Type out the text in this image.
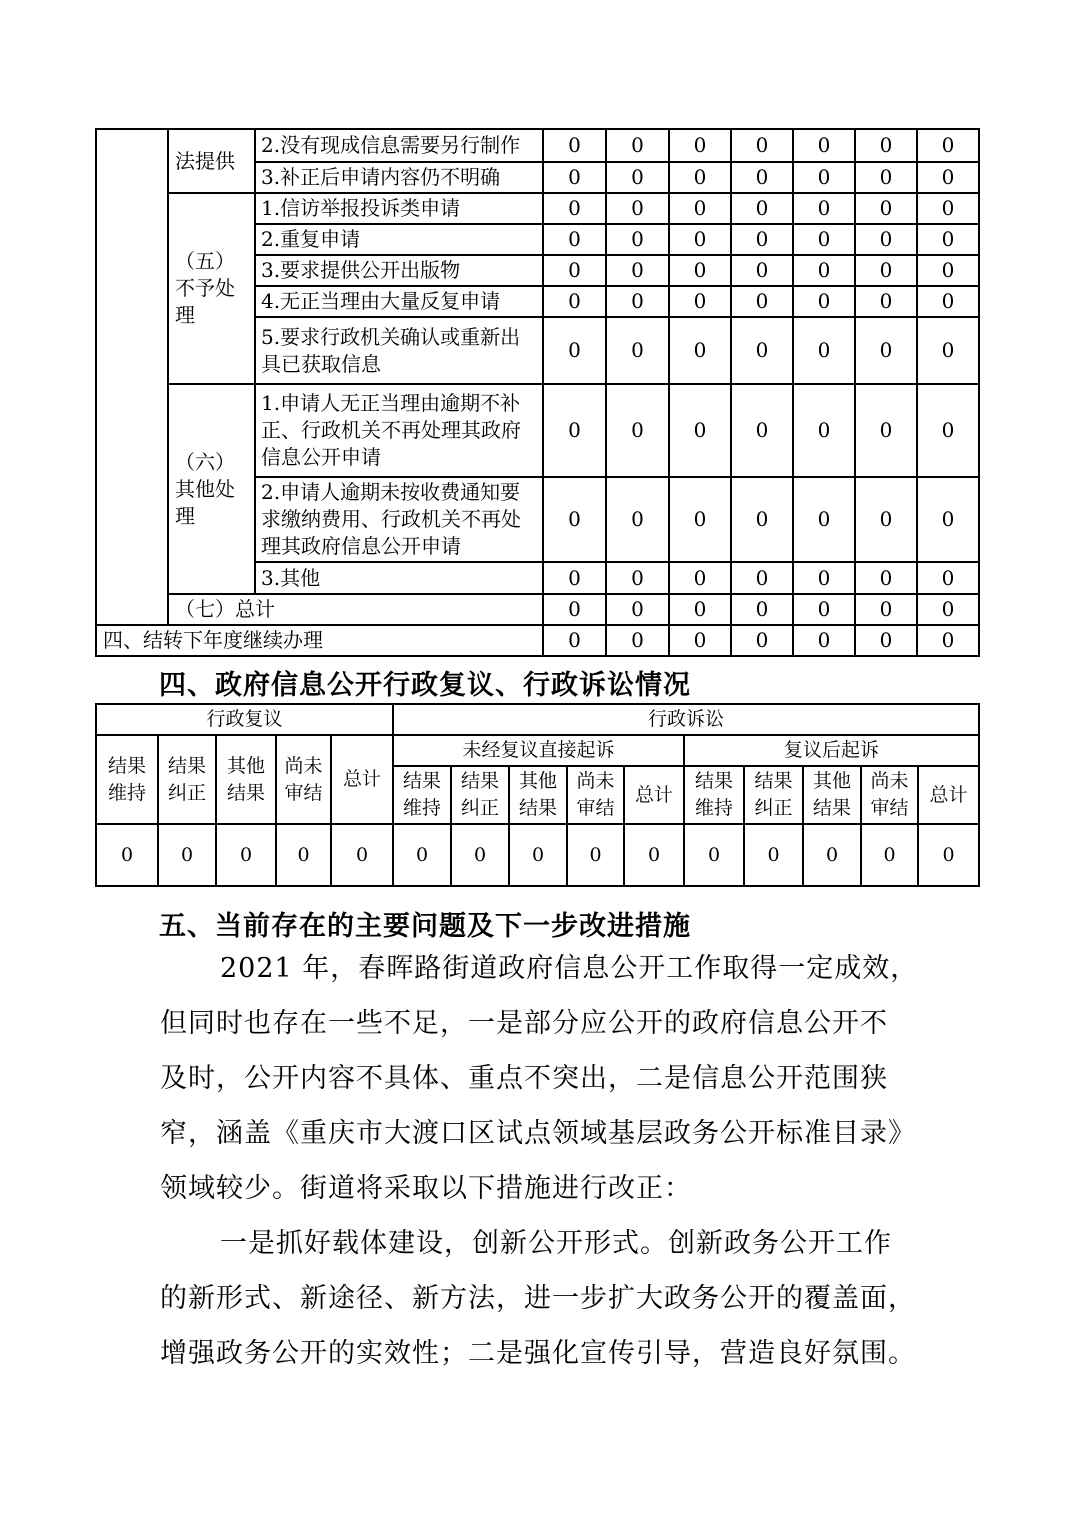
	法提供	2.没有现成信息需要另行制作	0	0	0	0	0	0	0
		3.补正后申请内容仍不明确	0	0	0	0	0	0	0
	（五）不予处理	1.信访举报投诉类申请	0	0	0	0	0	0	0
		2.重复申请	0	0	0	0	0	0	0
		3.要求提供公开出版物	0	0	0	0	0	0	0
		4.无正当理由大量反复申请	0	0	0	0	0	0	0
		5.要求行政机关确认或重新出具已获取信息	0	0	0	0	0	0	0
	（六）其他处理	1.申请人无正当理由逾期不补正、行政机关不再处理其政府信息公开申请	0	0	0	0	0	0	0
		2.申请人逾期未按收费通知要求缴纳费用、行政机关不再处理其政府信息公开申请	0	0	0	0	0	0	0
		3.其他	0	0	0	0	0	0	0
	（七）总计		0	0	0	0	0	0	0
四、结转下年度继续办理			0	0	0	0	0	0	0
四、政府信息公开行政复议、行政诉讼情况
行政复议					行政诉讼									
结果维持	结果纠正	其他结果	尚未审结	总计	未经复议直接起诉					复议后起诉				
					结果维持	结果纠正	其他结果	尚未审结	总计	结果维持	结果纠正	其他结果	尚未审结	总计
0	0	0	0	0	0	0	0	0	0	0	0	0	0	0
五、当前存在的主要问题及下一步改进措施
2021 年，春晖路街道政府信息公开工作取得一定成效，
但同时也存在一些不足，一是部分应公开的政府信息公开不
及时，公开内容不具体、重点不突出，二是信息公开范围狭
窄，涵盖《重庆市大渡口区试点领域基层政务公开标准目录》
领域较少。街道将采取以下措施进行改正：
一是抓好载体建设，创新公开形式。创新政务公开工作
的新形式、新途径、新方法，进一步扩大政务公开的覆盖面，
增强政务公开的实效性；二是强化宣传引导，营造良好氛围。
